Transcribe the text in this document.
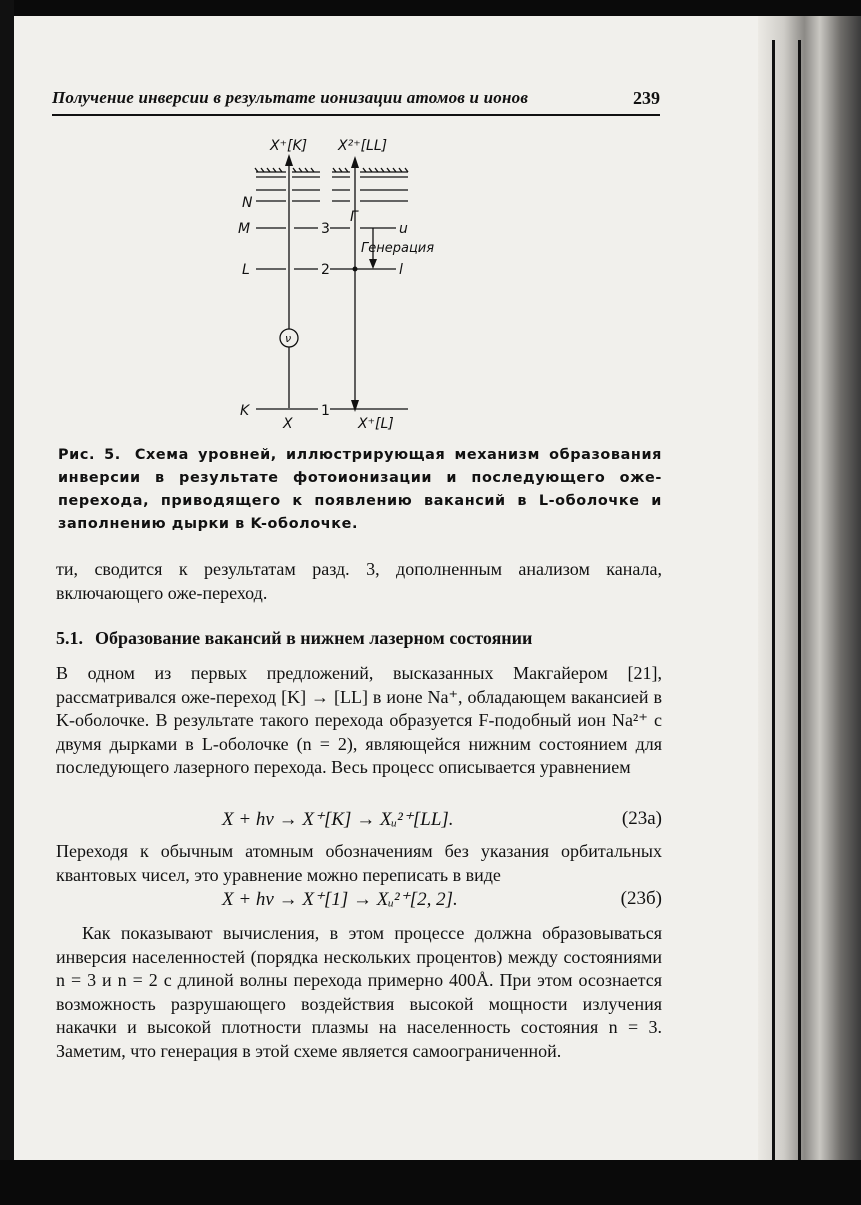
Получение инверсии в результате ионизации атомов и ионов	239
ν
X⁺[K] X²⁺[LL]
N
M
L
K
3
2
1
Г
u
l
Генерация
X	X⁺[L]
Рис. 5. Схема уровней, иллюстрирующая механизм образования инверсии в результате фотоионизации и последующего оже-перехода, приводящего к появлению вакансий в L-оболочке и заполнению дырки в K-оболочке.
ти, сводится к результатам разд. 3, дополненным анализом канала, включающего оже-переход.
5.1. Образование вакансий в нижнем лазерном состоянии
В одном из первых предложений, высказанных Макгайером [21], рассматривался оже-переход [K] → [LL] в ионе Na⁺, обладающем вакансией в K-оболочке. В результате такого перехода образуется F-подобный ион Na²⁺ с двумя дырками в L-оболочке (n = 2), являющейся нижним состоянием для последующего лазерного перехода. Весь процесс описывается уравнением
X + hν → X⁺[K] → Xᵤ²⁺[LL].	(23а)
Переходя к обычным атомным обозначениям без указания орбитальных квантовых чисел, это уравнение можно переписать в виде
X + hν → X⁺[1] → Xᵤ²⁺[2, 2].	(23б)
Как показывают вычисления, в этом процессе должна образовываться инверсия населенностей (порядка нескольких процентов) между состояниями n = 3 и n = 2 с длиной волны перехода примерно 400Å. При этом осознается возможность разрушающего воздействия высокой мощности излучения накачки и высокой плотности плазмы на населенность состояния n = 3. Заметим, что генерация в этой схеме является самоограниченной.
